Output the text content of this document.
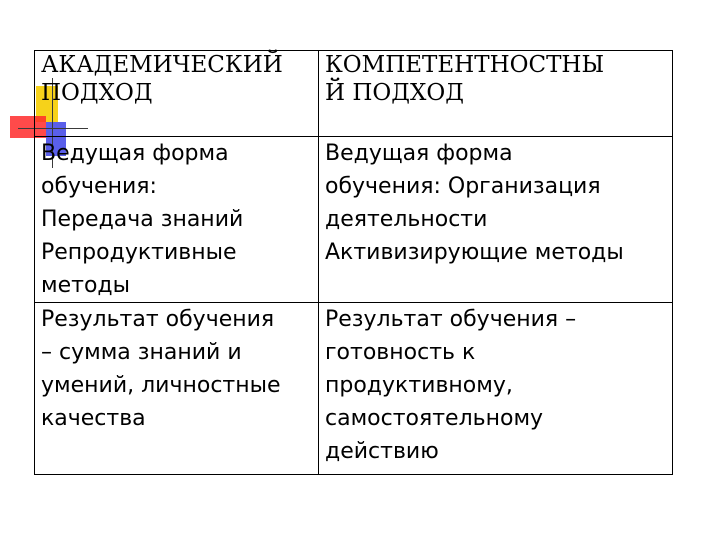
АКАДЕМИЧЕСКИЙ
ПОДХОД	КОМПЕТЕНТНОСТНЫ
Й ПОДХОД

Ведущая форма
обучения:
Передача знаний
Репродуктивные
методы	Ведущая форма
обучения: Организация
деятельности
Активизирующие методы

Результат обучения
– сумма знаний и
умений, личностные
качества	Результат обучения –
готовность к
продуктивному,
самостоятельному
действию
